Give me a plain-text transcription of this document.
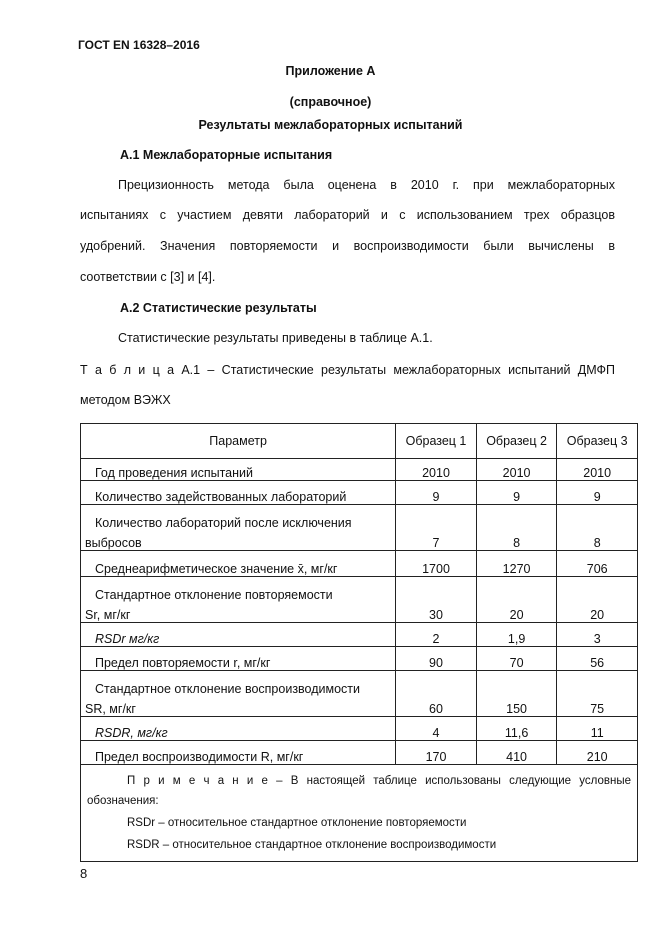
ГОСТ EN 16328–2016
Приложение А
(справочное)
Результаты межлабораторных испытаний
А.1 Межлабораторные испытания
Прецизионность метода была оценена в 2010 г. при межлабораторных
испытаниях с участием девяти лабораторий и с использованием трех образцов
удобрений. Значения повторяемости и воспроизводимости были вычислены в
соответствии с [3] и [4].
А.2 Статистические результаты
Статистические результаты приведены в таблице А.1.
Т а б л и ц а А.1 – Статистические результаты межлабораторных испытаний ДМФП
методом ВЭЖХ
Параметр	Образец 1	Образец 2	Образец 3
Год проведения испытаний	2010	2010	2010
Количество задействованных лабораторий	9	9	9

Количество лабораторий после исключения
выбросов	7	8	8
Среднеарифметическое значение x̄, мг/кг	1700	1270	706

Стандартное отклонение повторяемости
Sr, мг/кг	30	20	20
RSDr мг/кг	2	1,9	3
Предел повторяемости r, мг/кг	90	70	56

Стандартное отклонение воспроизводимости
SR, мг/кг	60	150	75
RSDR, мг/кг	4	11,6	11
Предел воспроизводимости R, мг/кг	170	410	210

П р и м е ч а н и е – В настоящей таблице использованы следующие условные
обозначения:
RSDr – относительное стандартное отклонение повторяемости
RSDR – относительное стандартное отклонение воспроизводимости			
8
